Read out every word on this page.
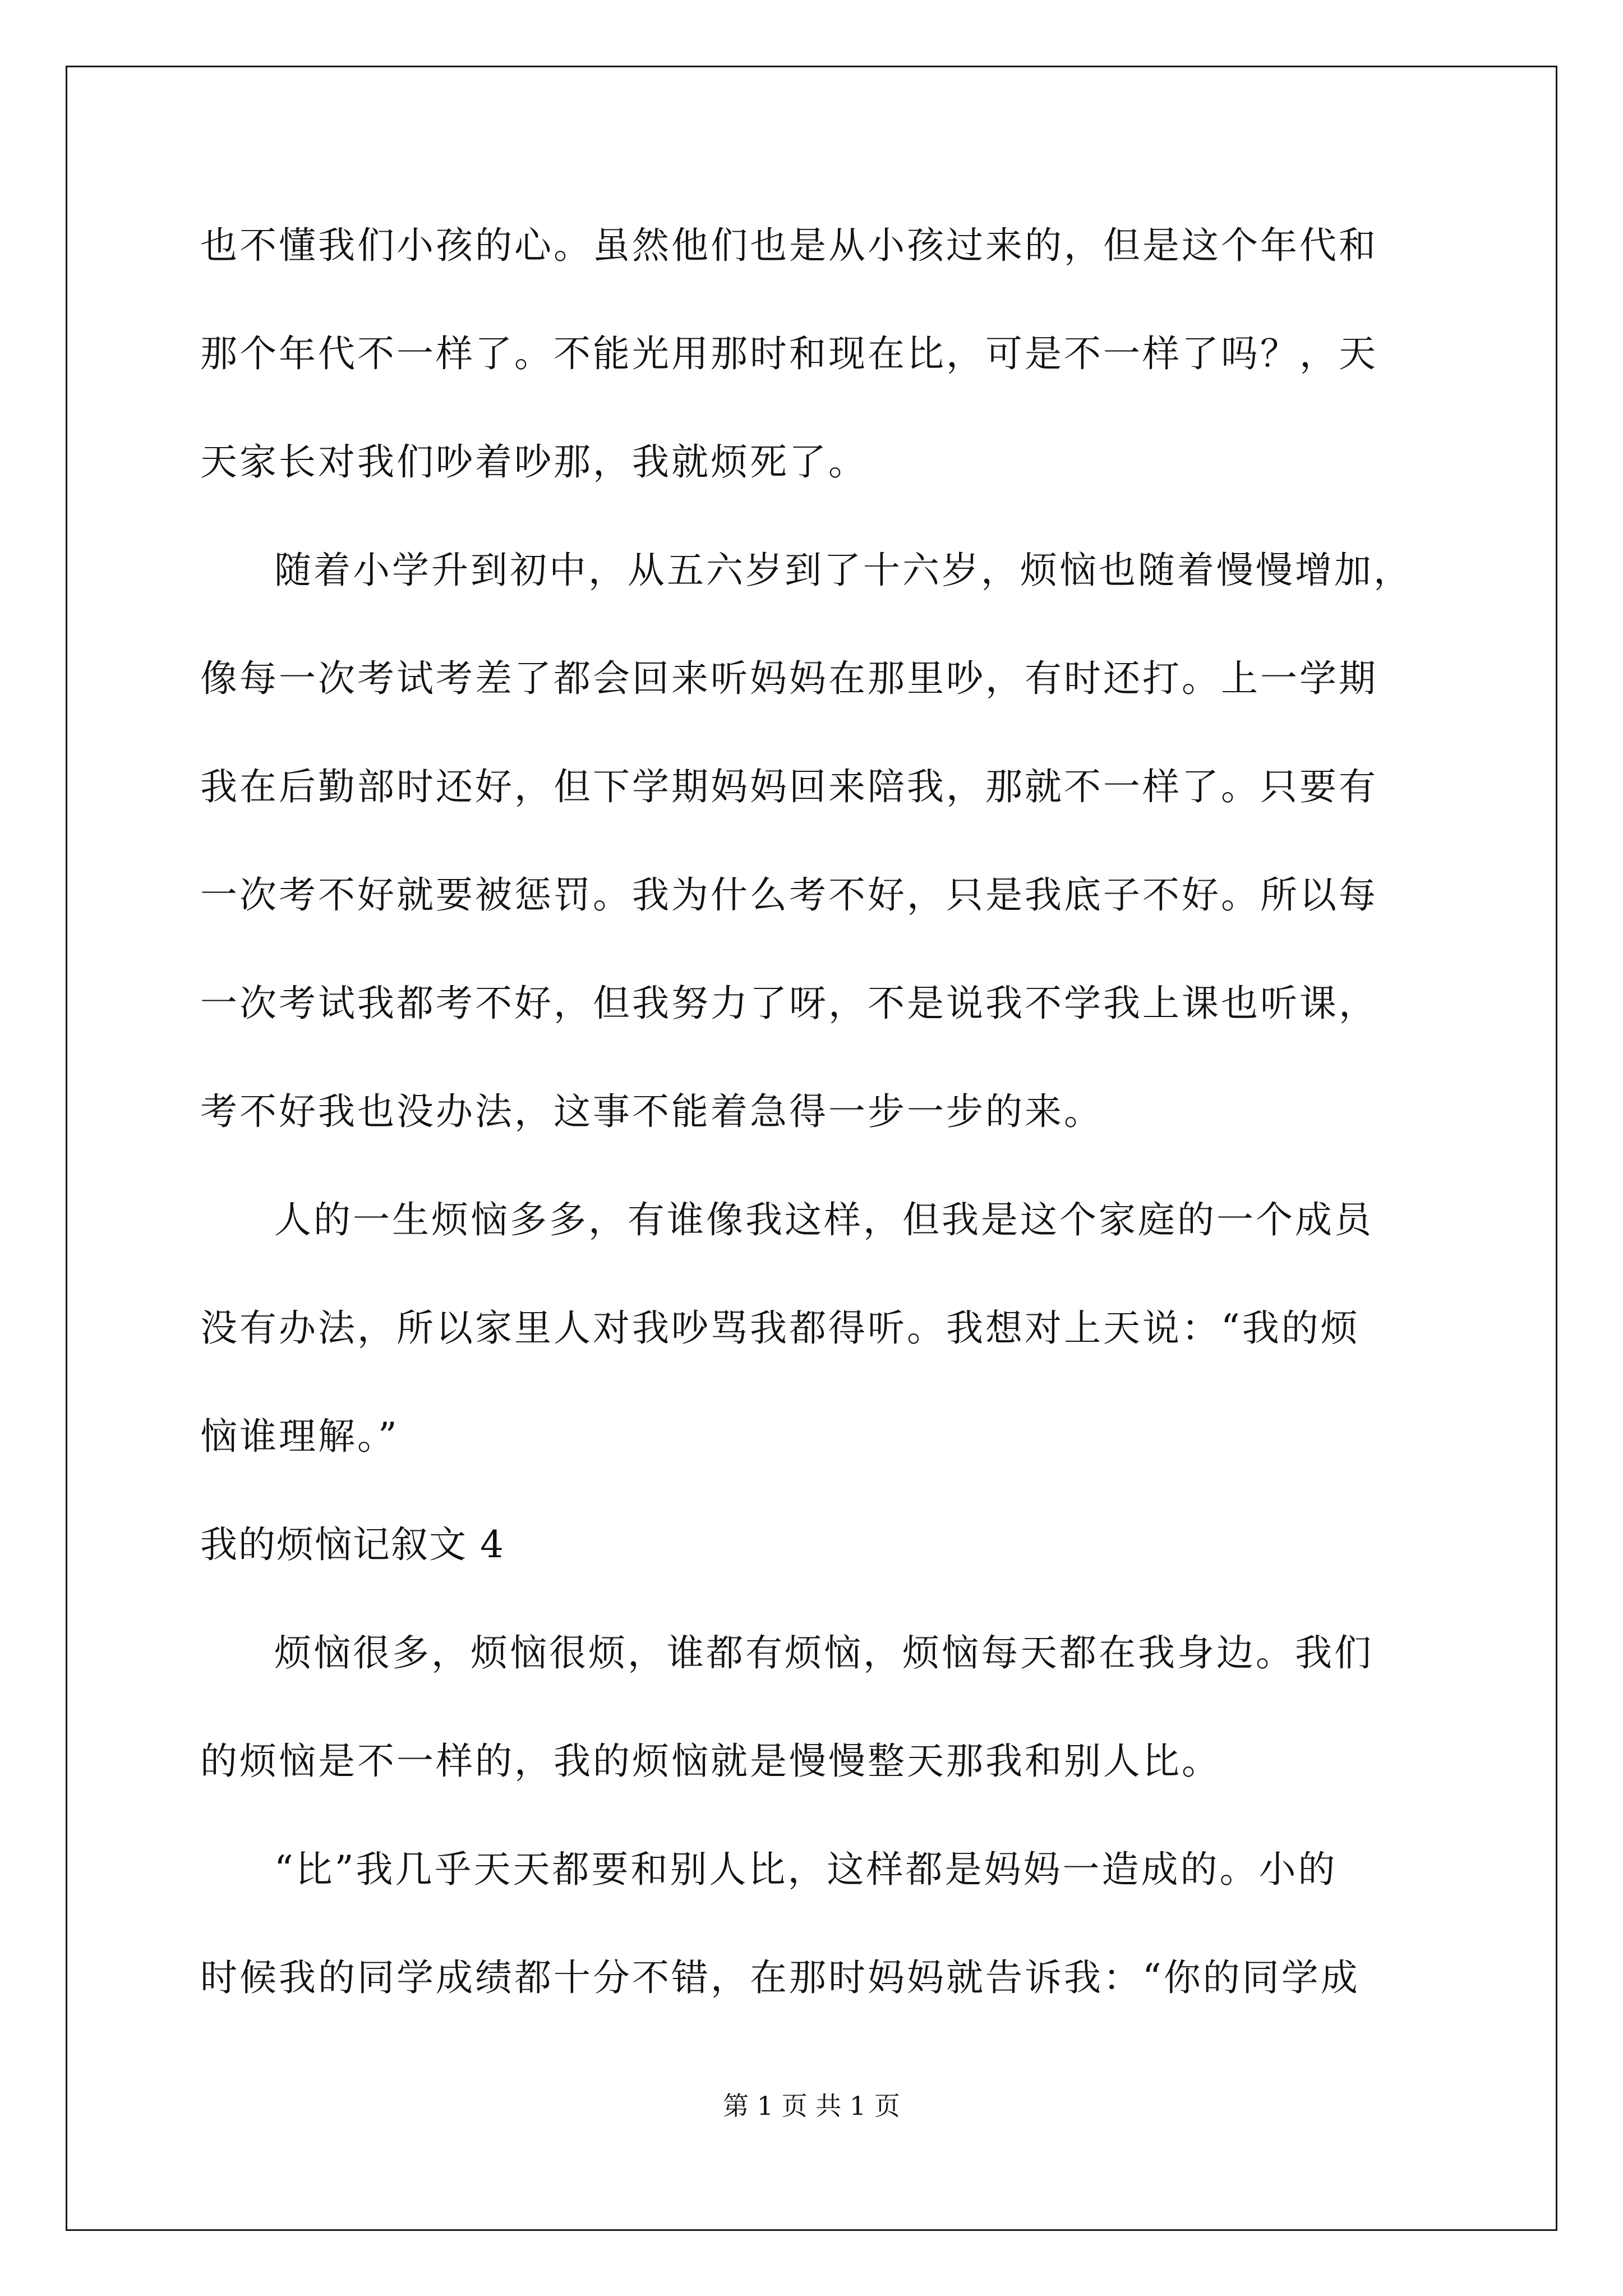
也不懂我们小孩的心。虽然他们也是从小孩过来的，但是这个年代和
那个年代不一样了。不能光用那时和现在比，可是不一样了吗？，天
天家长对我们吵着吵那，我就烦死了。
随着小学升到初中，从五六岁到了十六岁，烦恼也随着慢慢增加，
像每一次考试考差了都会回来听妈妈在那里吵，有时还打。上一学期
我在后勤部时还好，但下学期妈妈回来陪我，那就不一样了。只要有
一次考不好就要被惩罚。我为什么考不好，只是我底子不好。所以每
一次考试我都考不好，但我努力了呀，不是说我不学我上课也听课，
考不好我也没办法，这事不能着急得一步一步的来。
人的一生烦恼多多，有谁像我这样，但我是这个家庭的一个成员
没有办法，所以家里人对我吵骂我都得听。我想对上天说：“我的烦
恼谁理解。”
我的烦恼记叙文 4
烦恼很多，烦恼很烦，谁都有烦恼，烦恼每天都在我身边。我们
的烦恼是不一样的，我的烦恼就是慢慢整天那我和别人比。
“比”我几乎天天都要和别人比，这样都是妈妈一造成的。小的
时候我的同学成绩都十分不错，在那时妈妈就告诉我：“你的同学成
第 1 页 共 1 页
